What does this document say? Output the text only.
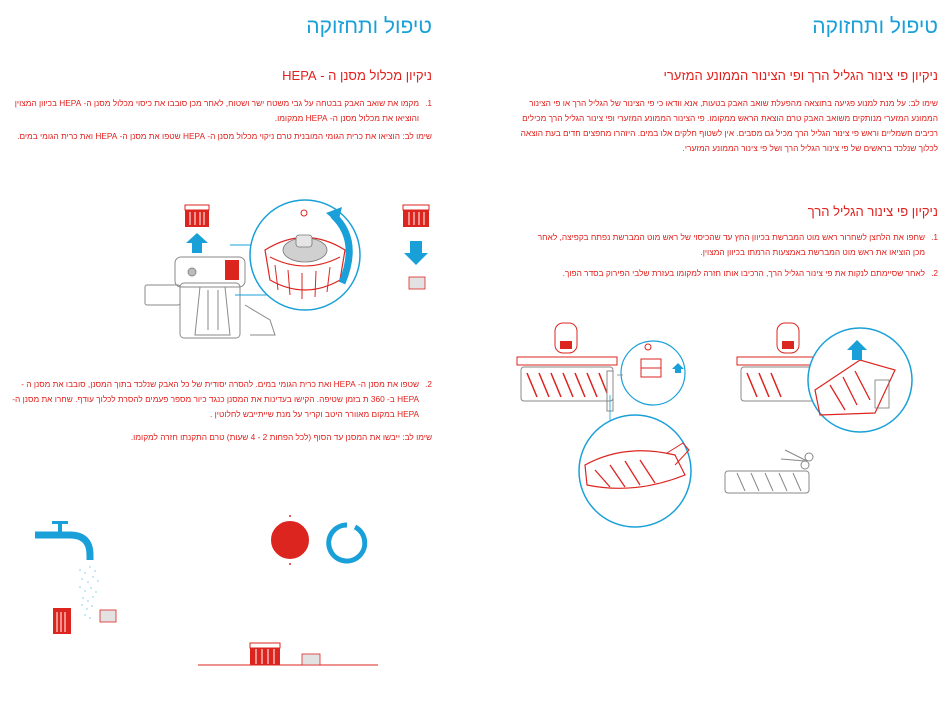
טיפול ותחזוקה
ניקיון מכלול מסנן ה - HEPA
1.
מקמו את שואב האבק בבטחה על גבי משטח ישר ושטוח, לאחר מכן סובבו את כיסוי מכלול מסנן ה- HEPA בכיוון המצוין והוציאו את מכלול מסנן ה- HEPA ממקומו.
שימו לב: הוציאו את כרית הגומי המובנית טרם ניקוי מכלול מסנן ה- HEPA שטפו את מסנן ה- HEPA ואת כרית הגומי במים.
2.
שטפו את מסנן ה- HEPA ואת כרית הגומי במים. להסרה יסודית של כל האבק שנלכד בתוך המסנן, סובבו את מסנן ה - HEPA ב- 360 ת בזמן שטיפה. הקישו בעדינות את המסנן כנגד כיור מספר פעמים להסרת לכלוך עודף. שחרו את מסנן ה- HEPA במקום מאוורר היטב וקריר על מנת שייתייבש לחלוטין .
שימו לב: ייבשו את המסנן עד הסוף (לכל הפחות 2 - 4 שעות) טרם התקנתו חזרה למקומו.
טיפול ותחזוקה
ניקיון פי צינור הגליל הרך ופי הצינור הממונע המזערי
שימו לב: על מנת למנוע פגיעה בתוצאה מהפעלת שואב האבק בטעות, אנא וודאו כי פי הצינור של הגליל הרך או פי הצינור הממונע המזערי מנותקים משואב האבק טרם הוצאת הראש ממקומו. פי הצינור הממונע המזערי ופי צינור הגליל הרך מכילים רכיבים חשמליים וראש פי צינור הגליל הרך מכיל גם מסבים. אין לשטוף חלקים אלו במים. היזהרו מחפצים חדים בעת הוצאה לכלוך שנלכד בראשים של פי צינור הגליל הרך ושל פי צינור הממונע המזערי.
ניקיון פי צינור הגליל הרך
1.
שחפו את הלחצן לשחרור ראש מוט המברשת בכיוון החץ עד שהכיסוי של ראש מוט המברשת נפתח בקפיצה, לאחר מכן הוציאו את ראש מוט המברשת באמצעות הרמתו בכיוון המצוין.
2.
לאחר שסיימתם לנקות את פי צינור הגליל הרך, הרכיבו אותו חזרה למקומו בעזרת שלבי הפירוק בסדר הפוך.
